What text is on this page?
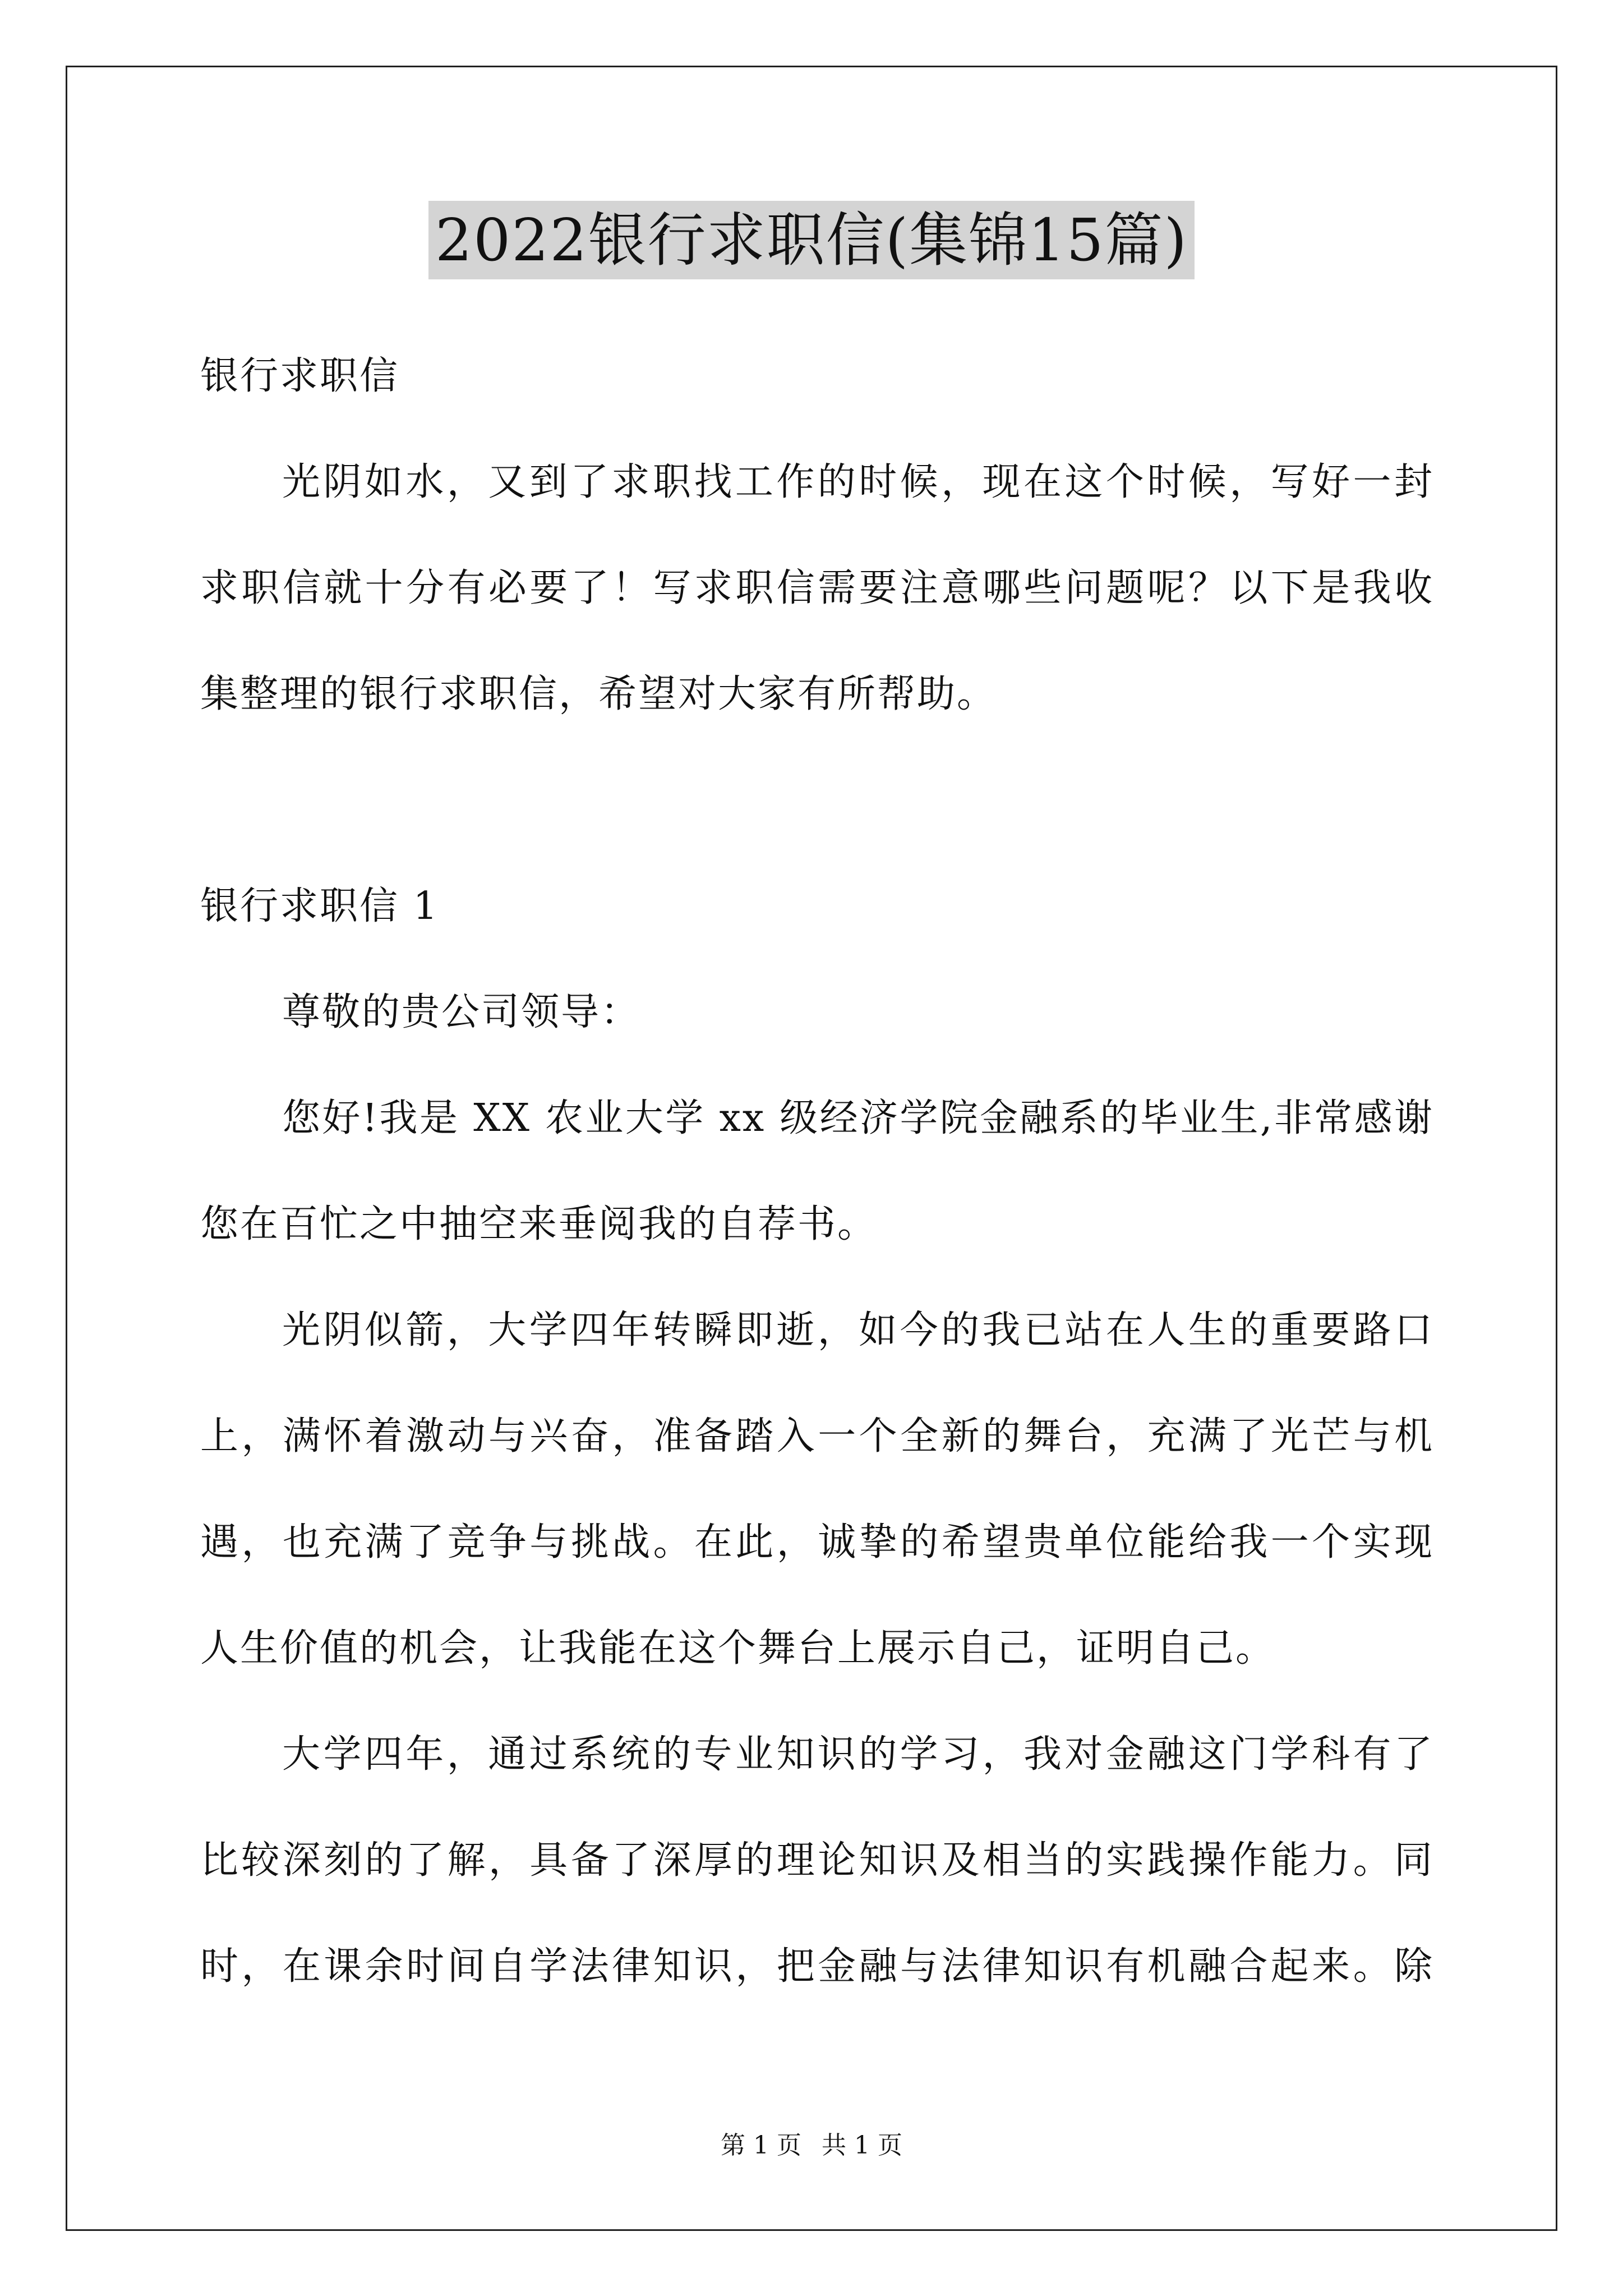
2022银行求职信(集锦15篇)
银行求职信
光阴如水，又到了求职找工作的时候，现在这个时候，写好一封
求职信就十分有必要了！写求职信需要注意哪些问题呢？以下是我收
集整理的银行求职信，希望对大家有所帮助。
银行求职信 1
尊敬的贵公司领导：
您好!我是 XX 农业大学 xx 级经济学院金融系的毕业生,非常感谢
您在百忙之中抽空来垂阅我的自荐书。
光阴似箭，大学四年转瞬即逝，如今的我已站在人生的重要路口
上，满怀着激动与兴奋，准备踏入一个全新的舞台，充满了光芒与机
遇，也充满了竞争与挑战。在此，诚挚的希望贵单位能给我一个实现
人生价值的机会，让我能在这个舞台上展示自己，证明自己。
大学四年，通过系统的专业知识的学习，我对金融这门学科有了
比较深刻的了解，具备了深厚的理论知识及相当的实践操作能力。同
时，在课余时间自学法律知识，把金融与法律知识有机融合起来。除
第 1 页 共 1 页
